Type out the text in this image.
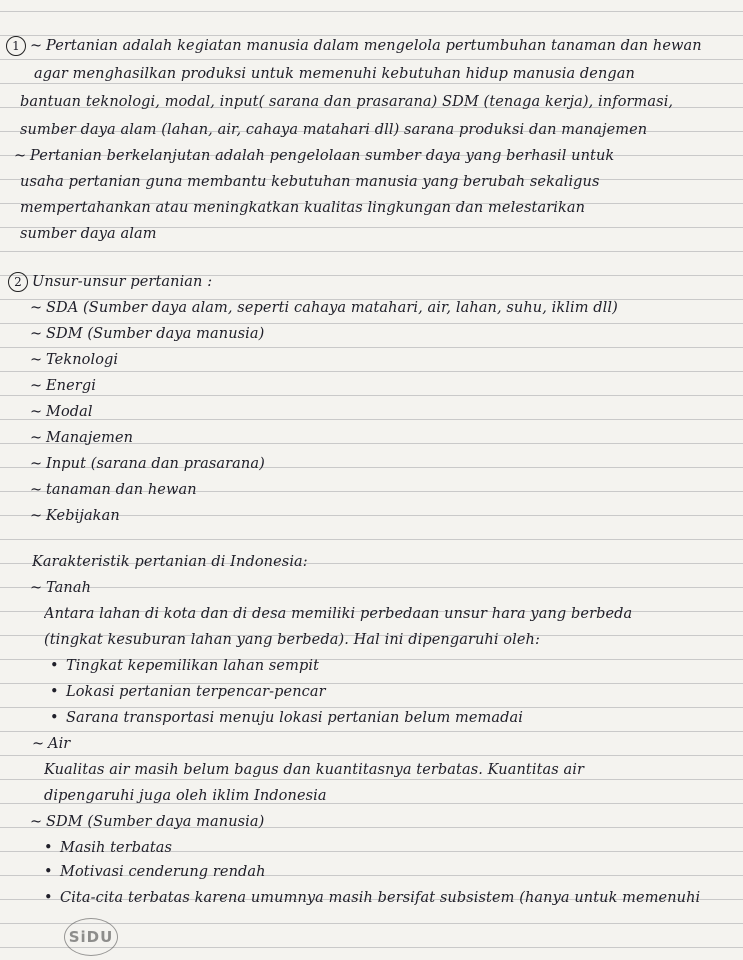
1 ~ Pertanian adalah kegiatan manusia dalam mengelola pertumbuhan tanaman dan hewan
agar menghasilkan produksi untuk memenuhi kebutuhan hidup manusia dengan
bantuan teknologi, modal, input( sarana dan prasarana) SDM (tenaga kerja), informasi,
sumber daya alam (lahan, air, cahaya matahari dll) sarana produksi dan manajemen
~ Pertanian berkelanjutan adalah pengelolaan sumber daya yang berhasil untuk
usaha pertanian guna membantu kebutuhan manusia yang berubah sekaligus
mempertahankan atau meningkatkan kualitas lingkungan dan melestarikan
sumber daya alam
2 Unsur-unsur pertanian :
~ SDA (Sumber daya alam, seperti cahaya matahari, air, lahan, suhu, iklim dll)
~ SDM (Sumber daya manusia)
~ Teknologi
~ Energi
~ Modal
~ Manajemen
~ Input (sarana dan prasarana)
~ tanaman dan hewan
~ Kebijakan
Karakteristik pertanian di Indonesia:
~ Tanah
Antara lahan di kota dan di desa memiliki perbedaan unsur hara yang berbeda
(tingkat kesuburan lahan yang berbeda). Hal ini dipengaruhi oleh:
• Tingkat kepemilikan lahan sempit
• Lokasi pertanian terpencar-pencar
• Sarana transportasi menuju lokasi pertanian belum memadai
~ Air
Kualitas air masih belum bagus dan kuantitasnya terbatas. Kuantitas air
dipengaruhi juga oleh iklim Indonesia
~ SDM (Sumber daya manusia)
• Masih terbatas
• Motivasi cenderung rendah
• Cita-cita terbatas karena umumnya masih bersifat subsistem (hanya untuk memenuhi
SiDU
